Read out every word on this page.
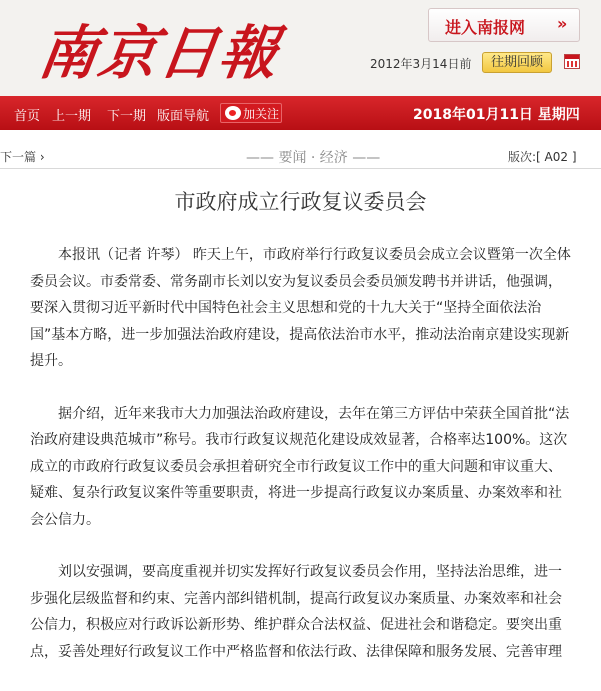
南京日報	进入南报网 »
2012年3月14日前	往期回顾
首页 上一期 下一期 版面导航	加关注	2018年01月11日 星期四
下一篇 ›	—— 要闻 · 经济 ——	版次:[ A02 ]
市政府成立行政复议委员会

本报讯（记者 许琴） 昨天上午，市政府举行行政复议委员会成立会议暨第一次全体委员会议。市委常委、常务副市长刘以安为复议委员会委员颁发聘书并讲话，他强调，要深入贯彻习近平新时代中国特色社会主义思想和党的十九大关于“坚持全面依法治国”基本方略，进一步加强法治政府建设，提高依法治市水平，推动法治南京建设实现新提升。

据介绍，近年来我市大力加强法治政府建设，去年在第三方评估中荣获全国首批“法治政府建设典范城市”称号。我市行政复议规范化建设成效显著，合格率达100%。这次成立的市政府行政复议委员会承担着研究全市行政复议工作中的重大问题和审议重大、疑难、复杂行政复议案件等重要职责，将进一步提高行政复议办案质量、办案效率和社会公信力。

刘以安强调，要高度重视并切实发挥好行政复议委员会作用，坚持法治思维，进一步强化层级监督和约束、完善内部纠错机制，提高行政复议办案质量、办案效率和社会公信力，积极应对行政诉讼新形势、维护群众合法权益、促进社会和谐稳定。要突出重点，妥善处理好行政复议工作中严格监督和依法行政、法律保障和服务发展、完善审理
